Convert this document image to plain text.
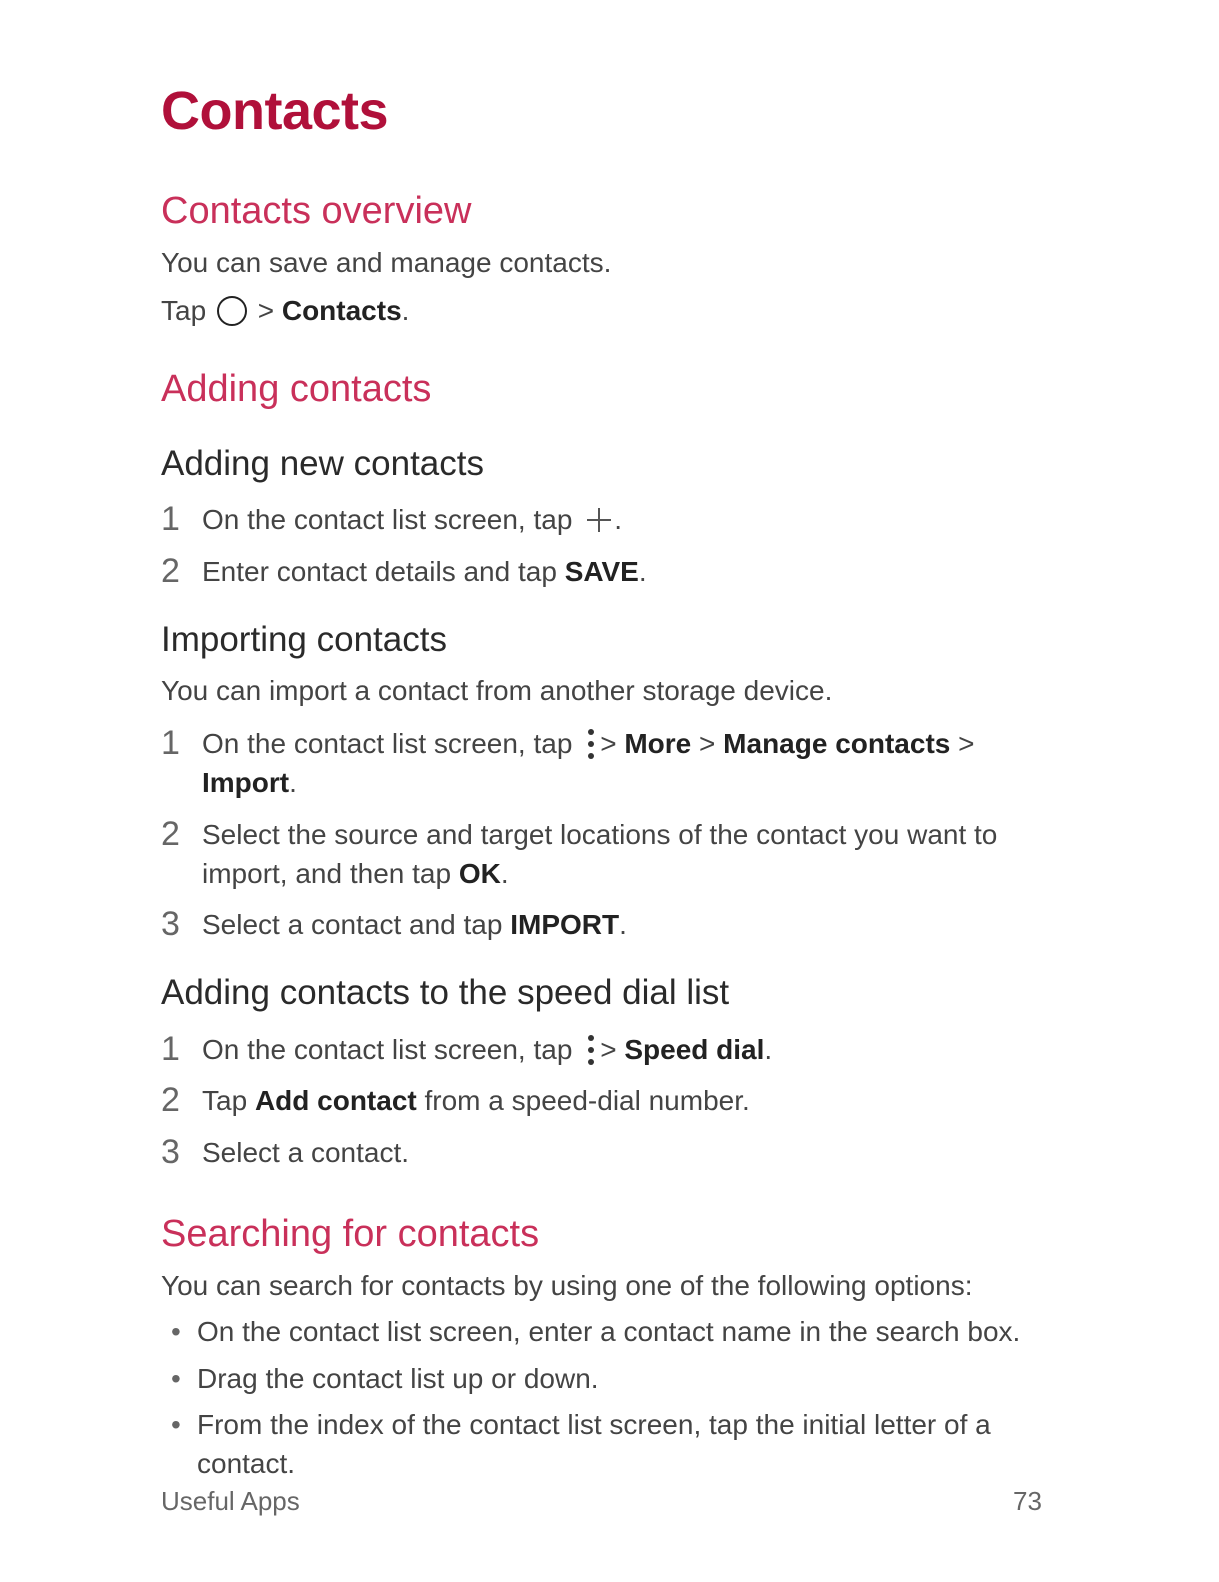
Contacts
Contacts overview

You can save and manage contacts.

Tap > Contacts.

Adding contacts
Adding new contacts
1 On the contact list screen, tap .
2 Enter contact details and tap SAVE.
Importing contacts

You can import a contact from another storage device.

1 On the contact list screen, tap > More > Manage contacts >
Import.
2 Select the source and target locations of the contact you want to import, and then tap OK.
3 Select a contact and tap IMPORT.
Adding contacts to the speed dial list
1 On the contact list screen, tap > Speed dial.
2 Tap Add contact from a speed-dial number.
3 Select a contact.
Searching for contacts

You can search for contacts by using one of the following options:

• On the contact list screen, enter a contact name in the search box.
• Drag the contact list up or down.
• From the index of the contact list screen, tap the initial letter of a contact.
Useful Apps	73
